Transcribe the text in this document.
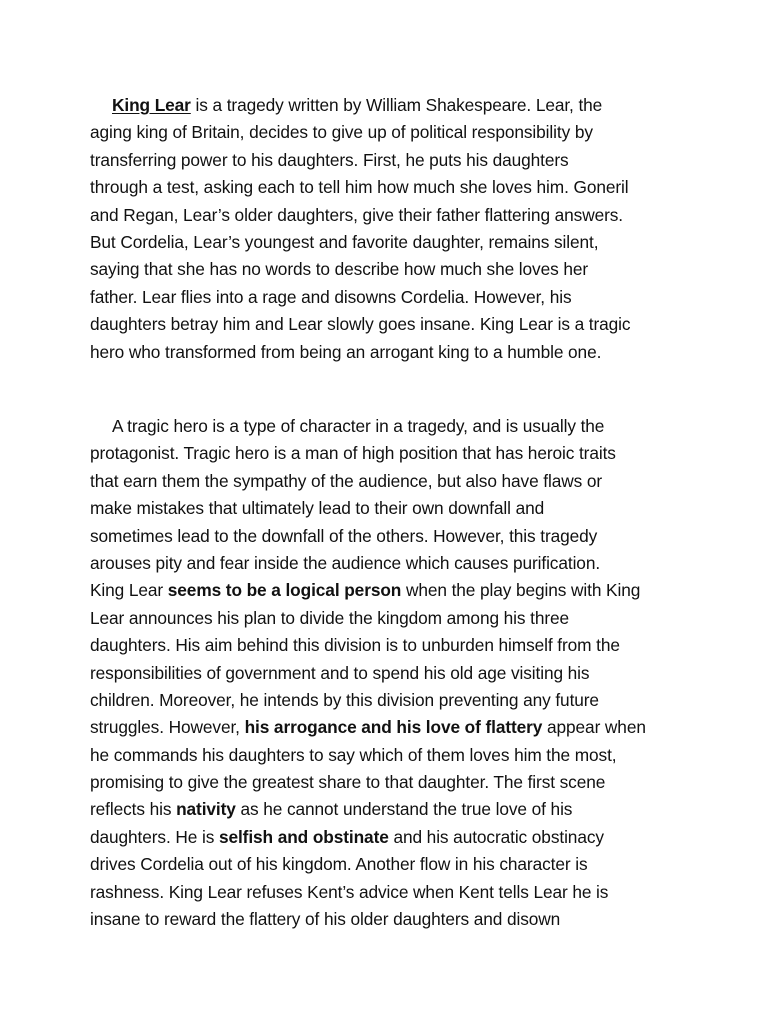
King Lear is a tragedy written by William Shakespeare. Lear, the
aging king of Britain, decides to give up of political responsibility by
transferring power to his daughters. First, he puts his daughters
through a test, asking each to tell him how much she loves him. Goneril
and Regan, Lear’s older daughters, give their father flattering answers.
But Cordelia, Lear’s youngest and favorite daughter, remains silent,
saying that she has no words to describe how much she loves her
father. Lear flies into a rage and disowns Cordelia. However, his
daughters betray him and Lear slowly goes insane. King Lear is a tragic
hero who transformed from being an arrogant king to a humble one.
A tragic hero is a type of character in a tragedy, and is usually the
protagonist. Tragic hero is a man of high position that has heroic traits
that earn them the sympathy of the audience, but also have flaws or
make mistakes that ultimately lead to their own downfall and
sometimes lead to the downfall of the others. However, this tragedy
arouses pity and fear inside the audience which causes purification.
King Lear seems to be a logical person when the play begins with King
Lear announces his plan to divide the kingdom among his three
daughters. His aim behind this division is to unburden himself from the
responsibilities of government and to spend his old age visiting his
children. Moreover, he intends by this division preventing any future
struggles. However, his arrogance and his love of flattery appear when
he commands his daughters to say which of them loves him the most,
promising to give the greatest share to that daughter. The first scene
reflects his nativity as he cannot understand the true love of his
daughters. He is selfish and obstinate and his autocratic obstinacy
drives Cordelia out of his kingdom. Another flow in his character is
rashness. King Lear refuses Kent’s advice when Kent tells Lear he is
insane to reward the flattery of his older daughters and disown
